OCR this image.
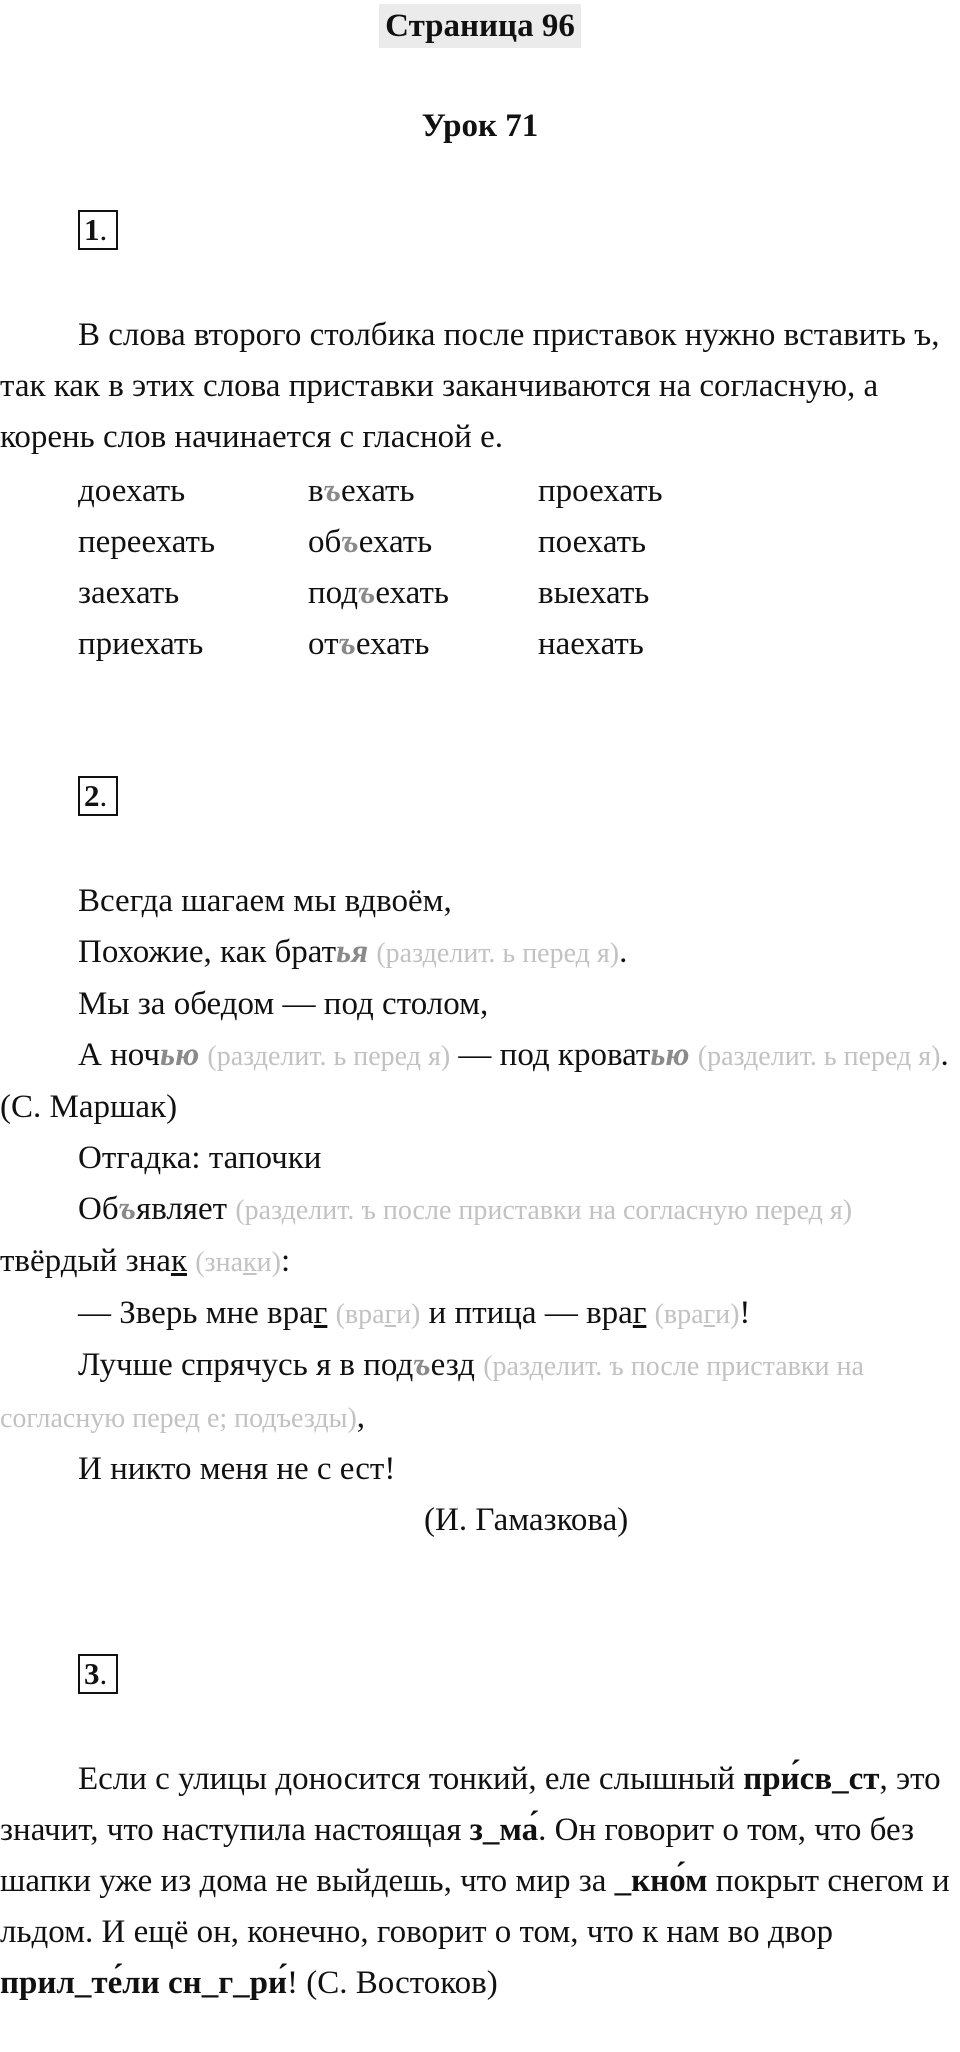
Страница 96
Урок 71
1.

В слова второго столбика после приставок нужно вставить ъ, так как в этих слова приставки заканчиваются на согласную, а корень слов начинается с гласной е.

доехать	въехать	проехать
переехать	объехать	поехать
заехать	подъехать	выехать
приехать	отъехать	наехать
2.
Всегда шагаем мы вдвоём,
Похожие, как братья (разделит. ь перед я).
Мы за обедом — под столом,

А ночью (разделит. ь перед я) — под кроватью (разделит. ь перед я). (С. Маршак)

Отгадка: тапочки

Объявляет (разделит. ъ после приставки на согласную перед я) твёрдый знак (знаки):

— Зверь мне враг (враги) и птица — враг (враги)!

Лучше спрячусь я в подъезд (разделит. ъ после приставки на согласную перед е; подъезды),

И никто меня не с ест!
(И. Гамазкова)
3.

Если с улицы доносится тонкий, еле слышный при́св_ст, это значит, что наступила настоящая з_ма́. Он говорит о том, что без шапки уже из дома не выйдешь, что мир за _кно́м покрыт снегом и льдом. И ещё он, конечно, говорит о том, что к нам во двор прил_те́ли сн_г_ри́! (С. Востоков)
